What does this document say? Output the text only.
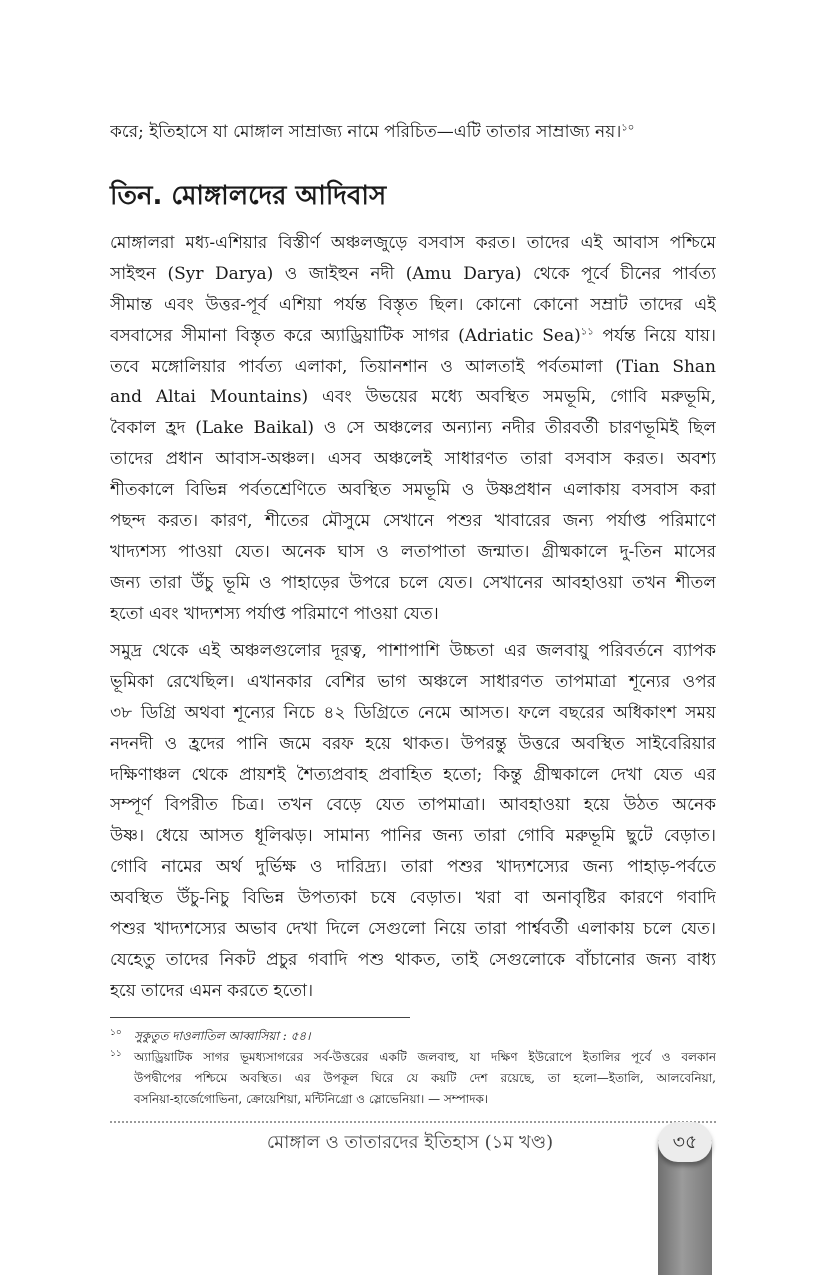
করে; ইতিহাসে যা মোঙ্গাল সাম্রাজ্য নামে পরিচিত—এটি তাতার সাম্রাজ্য নয়।$^{১০}$
তিন. মোঙ্গালদের আদিবাস
মোঙ্গালরা মধ্য-এশিয়ার বিস্তীর্ণ অঞ্চলজুড়ে বসবাস করত। তাদের এই আবাস পশ্চিমে
সাইহুন (Syr Darya) ও জাইহুন নদী (Amu Darya) থেকে পূর্বে চীনের পার্বত্য
সীমান্ত এবং উত্তর-পূর্ব এশিয়া পর্যন্ত বিস্তৃত ছিল। কোনো কোনো সম্রাট তাদের এই
বসবাসের সীমানা বিস্তৃত করে অ্যাড্রিয়াটিক সাগর (Adriatic Sea)$^{১১}$ পর্যন্ত নিয়ে যায়।
তবে মঙ্গোলিয়ার পার্বত্য এলাকা, তিয়ানশান ও আলতাই পর্বতমালা (Tian Shan
and Altai Mountains) এবং উভয়ের মধ্যে অবস্থিত সমভূমি, গোবি মরুভূমি,
বৈকাল হ্রদ (Lake Baikal) ও সে অঞ্চলের অন্যান্য নদীর তীরবর্তী চারণভূমিই ছিল
তাদের প্রধান আবাস-অঞ্চল। এসব অঞ্চলেই সাধারণত তারা বসবাস করত। অবশ্য
শীতকালে বিভিন্ন পর্বতশ্রেণিতে অবস্থিত সমভূমি ও উষ্ণপ্রধান এলাকায় বসবাস করা
পছন্দ করত। কারণ, শীতের মৌসুমে সেখানে পশুর খাবারের জন্য পর্যাপ্ত পরিমাণে
খাদ্যশস্য পাওয়া যেত। অনেক ঘাস ও লতাপাতা জন্মাত। গ্রীষ্মকালে দু-তিন মাসের
জন্য তারা উঁচু ভূমি ও পাহাড়ের উপরে চলে যেত। সেখানের আবহাওয়া তখন শীতল
হতো এবং খাদ্যশস্য পর্যাপ্ত পরিমাণে পাওয়া যেত।
সমুদ্র থেকে এই অঞ্চলগুলোর দূরত্ব, পাশাপাশি উচ্চতা এর জলবায়ু পরিবর্তনে ব্যাপক
ভূমিকা রেখেছিল। এখানকার বেশির ভাগ অঞ্চলে সাধারণত তাপমাত্রা শূন্যের ওপর
৩৮ ডিগ্রি অথবা শূন্যের নিচে ৪২ ডিগ্রিতে নেমে আসত। ফলে বছরের অধিকাংশ সময়
নদনদী ও হ্রদের পানি জমে বরফ হয়ে থাকত। উপরন্তু উত্তরে অবস্থিত সাইবেরিয়ার
দক্ষিণাঞ্চল থেকে প্রায়শই শৈত্যপ্রবাহ প্রবাহিত হতো; কিন্তু গ্রীষ্মকালে দেখা যেত এর
সম্পূর্ণ বিপরীত চিত্র। তখন বেড়ে যেত তাপমাত্রা। আবহাওয়া হয়ে উঠত অনেক
উষ্ণ। ধেয়ে আসত ধূলিঝড়। সামান্য পানির জন্য তারা গোবি মরুভূমি ছুটে বেড়াত।
গোবি নামের অর্থ দুর্ভিক্ষ ও দারিদ্র্য। তারা পশুর খাদ্যশস্যের জন্য পাহাড়-পর্বতে
অবস্থিত উঁচু-নিচু বিভিন্ন উপত্যকা চষে বেড়াত। খরা বা অনাবৃষ্টির কারণে গবাদি
পশুর খাদ্যশস্যের অভাব দেখা দিলে সেগুলো নিয়ে তারা পার্শ্ববর্তী এলাকায় চলে যেত।
যেহেতু তাদের নিকট প্রচুর গবাদি পশু থাকত, তাই সেগুলোকে বাঁচানোর জন্য বাধ্য
হয়ে তাদের এমন করতে হতো।
১০	সুকুতুত দাওলাতিল আব্বাসিয়া : ৫৪।
১১	অ্যাড্রিয়াটিক সাগর ভূমধ্যসাগরের সর্ব-উত্তরের একটি জলবাহু, যা দক্ষিণ ইউরোপে ইতালির পূর্বে ও বলকান
উপদ্বীপের পশ্চিমে অবস্থিত। এর উপকূল ঘিরে যে কয়টি দেশ রয়েছে, তা হলো—ইতালি, আলবেনিয়া,
বসনিয়া-হার্জেগোভিনা, ক্রোয়েশিয়া, মন্টিনিগ্রো ও স্লোভেনিয়া। — সম্পাদক।
মোঙ্গাল ও তাতারদের ইতিহাস (১ম খণ্ড)	৩৫
